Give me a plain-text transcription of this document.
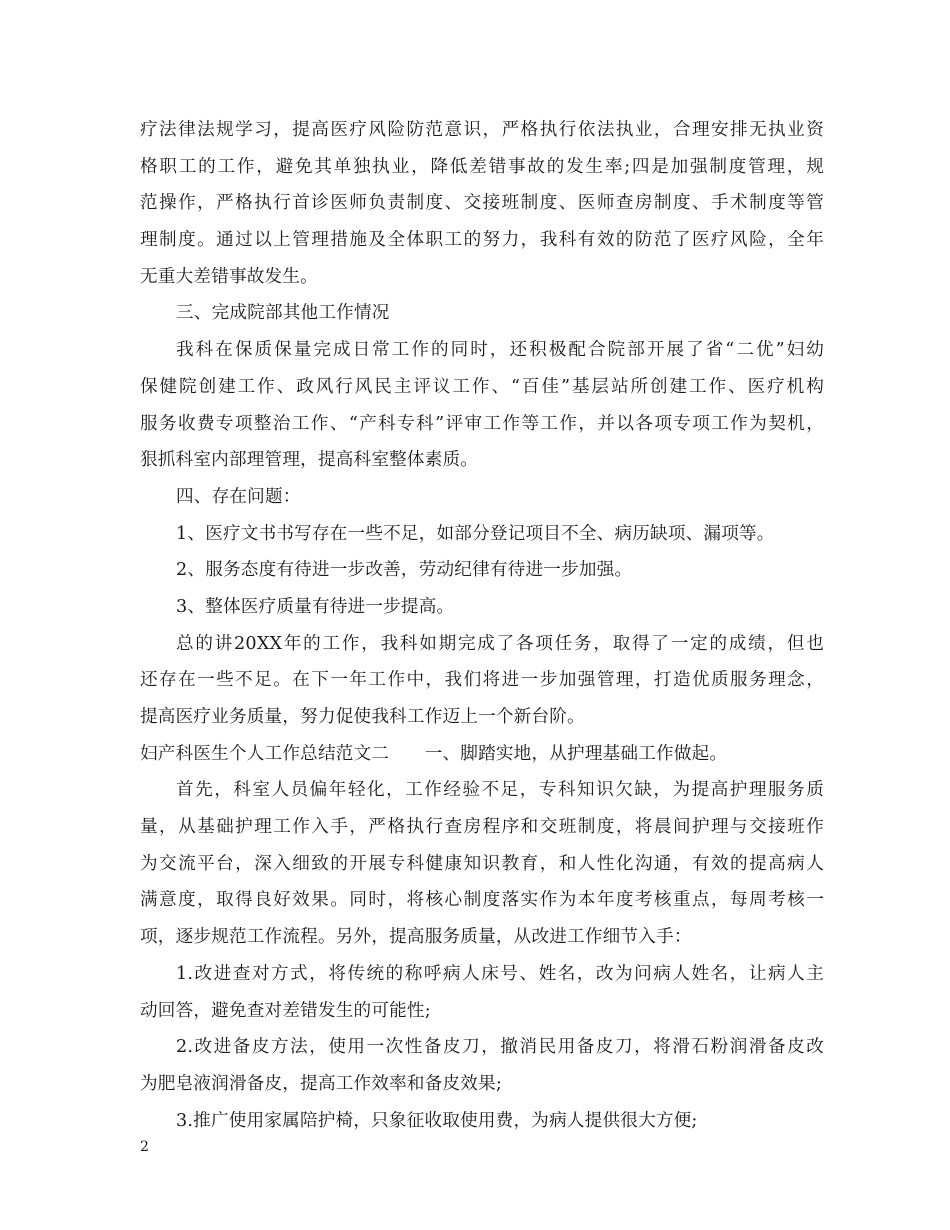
疗法律法规学习，提高医疗风险防范意识，严格执行依法执业，合理安排无执业资
格职工的工作，避免其单独执业，降低差错事故的发生率;四是加强制度管理，规
范操作，严格执行首诊医师负责制度、交接班制度、医师查房制度、手术制度等管
理制度。通过以上管理措施及全体职工的努力，我科有效的防范了医疗风险，全年
无重大差错事故发生。
三、完成院部其他工作情况
我科在保质保量完成日常工作的同时，还积极配合院部开展了省“二优”妇幼
保健院创建工作、政风行风民主评议工作、“百佳”基层站所创建工作、医疗机构
服务收费专项整治工作、“产科专科”评审工作等工作，并以各项专项工作为契机，
狠抓科室内部理管理，提高科室整体素质。
四、存在问题：
1、医疗文书书写存在一些不足，如部分登记项目不全、病历缺项、漏项等。
2、服务态度有待进一步改善，劳动纪律有待进一步加强。
3、整体医疗质量有待进一步提高。
总的讲20XX年的工作，我科如期完成了各项任务，取得了一定的成绩，但也
还存在一些不足。在下一年工作中，我们将进一步加强管理，打造优质服务理念，
提高医疗业务质量，努力促使我科工作迈上一个新台阶。
妇产科医生个人工作总结范文二　　一、脚踏实地，从护理基础工作做起。
首先，科室人员偏年轻化，工作经验不足，专科知识欠缺，为提高护理服务质
量，从基础护理工作入手，严格执行查房程序和交班制度，将晨间护理与交接班作
为交流平台，深入细致的开展专科健康知识教育，和人性化沟通，有效的提高病人
满意度，取得良好效果。同时，将核心制度落实作为本年度考核重点，每周考核一
项，逐步规范工作流程。另外，提高服务质量，从改进工作细节入手：
1.改进查对方式，将传统的称呼病人床号、姓名，改为问病人姓名，让病人主
动回答，避免查对差错发生的可能性;
2.改进备皮方法，使用一次性备皮刀，撤消民用备皮刀，将滑石粉润滑备皮改
为肥皂液润滑备皮，提高工作效率和备皮效果;
3.推广使用家属陪护椅，只象征收取使用费，为病人提供很大方便;
2
